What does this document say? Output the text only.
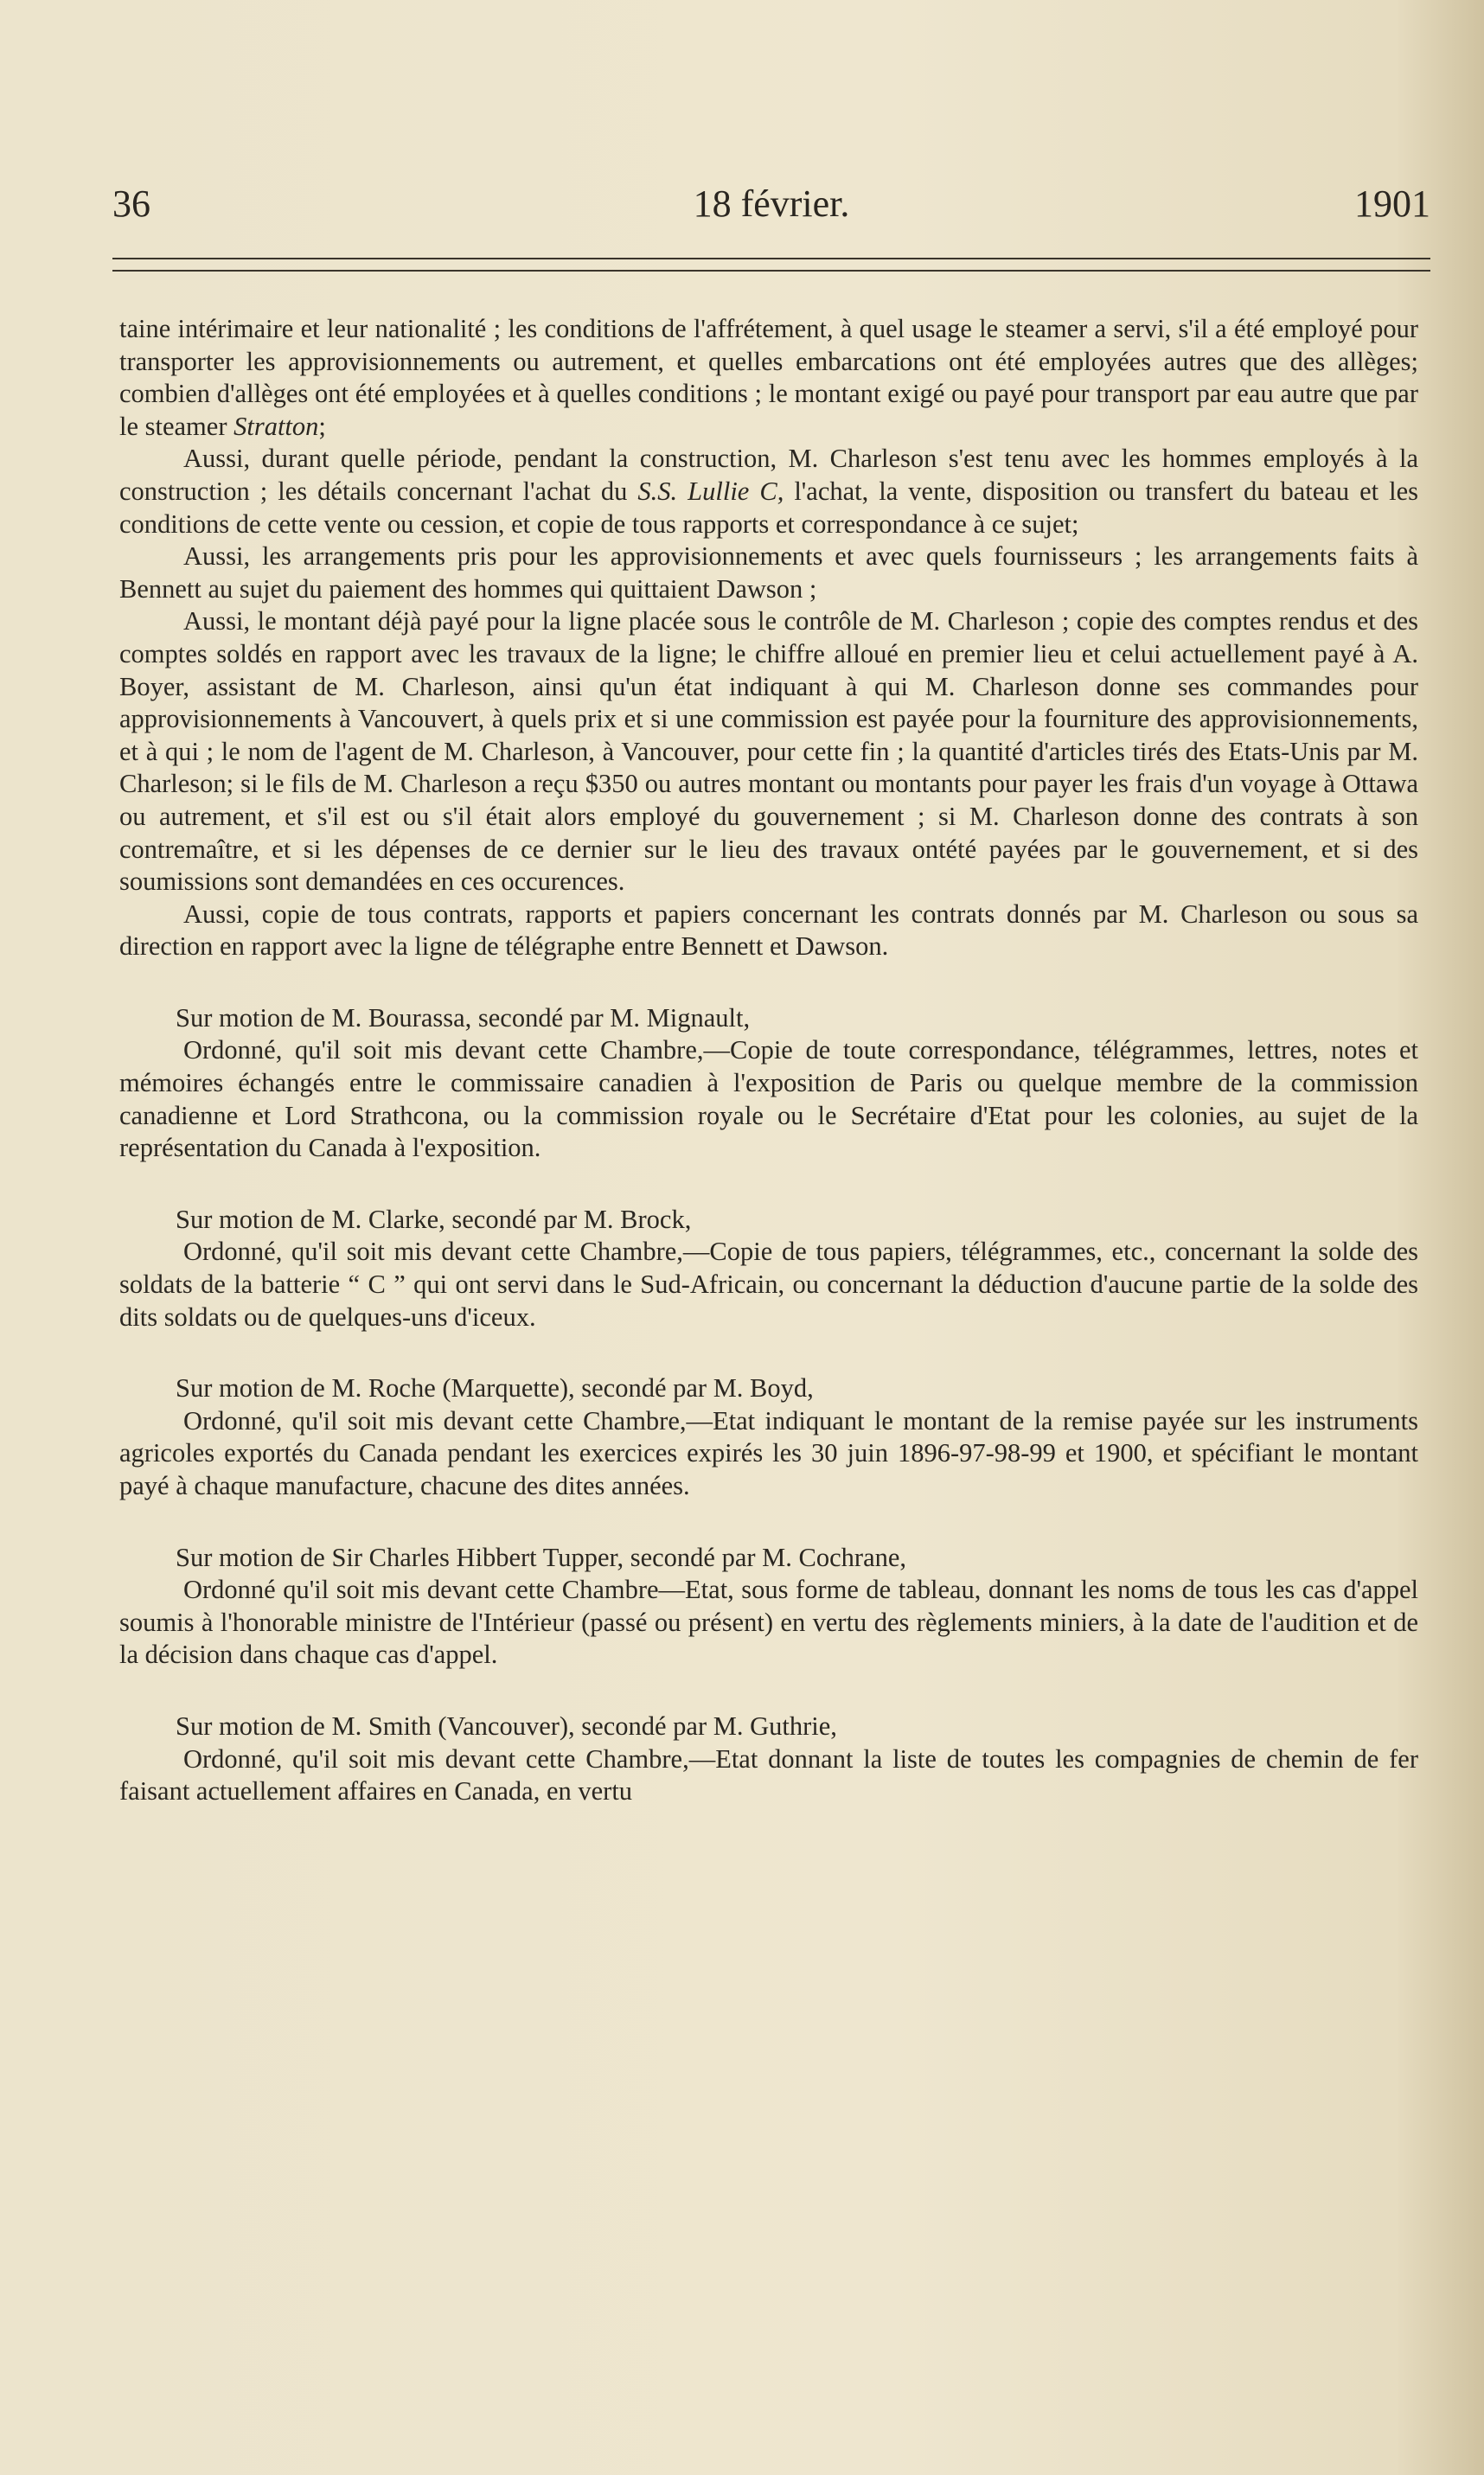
36	18 février.	1901

taine intérimaire et leur nationalité ; les conditions de l'affrétement, à quel usage le steamer a servi, s'il a été employé pour transporter les approvisionnements ou autrement, et quelles embarcations ont été employées autres que des allèges; combien d'allèges ont été employées et à quelles conditions ; le montant exigé ou payé pour transport par eau autre que par le steamer Stratton;

Aussi, durant quelle période, pendant la construction, M. Charleson s'est tenu avec les hommes employés à la construction ; les détails concernant l'achat du S.S. Lullie C, l'achat, la vente, disposition ou transfert du bateau et les conditions de cette vente ou cession, et copie de tous rapports et correspondance à ce sujet;

Aussi, les arrangements pris pour les approvisionnements et avec quels fournisseurs ; les arrangements faits à Bennett au sujet du paiement des hommes qui quittaient Dawson ;

Aussi, le montant déjà payé pour la ligne placée sous le contrôle de M. Charleson ; copie des comptes rendus et des comptes soldés en rapport avec les travaux de la ligne; le chiffre alloué en premier lieu et celui actuellement payé à A. Boyer, assistant de M. Charleson, ainsi qu'un état indiquant à qui M. Charleson donne ses commandes pour approvisionnements à Vancouvert, à quels prix et si une commission est payée pour la fourniture des approvisionnements, et à qui ; le nom de l'agent de M. Charleson, à Vancouver, pour cette fin ; la quantité d'articles tirés des Etats-Unis par M. Charleson; si le fils de M. Charleson a reçu $350 ou autres montant ou montants pour payer les frais d'un voyage à Ottawa ou autrement, et s'il est ou s'il était alors employé du gouvernement ; si M. Charleson donne des contrats à son contremaître, et si les dépenses de ce dernier sur le lieu des travaux ontété payées par le gouvernement, et si des soumissions sont demandées en ces occurences.

Aussi, copie de tous contrats, rapports et papiers concernant les contrats donnés par M. Charleson ou sous sa direction en rapport avec la ligne de télégraphe entre Bennett et Dawson.

Sur motion de M. Bourassa, secondé par M. Mignault,

Ordonné, qu'il soit mis devant cette Chambre,—Copie de toute correspondance, télégrammes, lettres, notes et mémoires échangés entre le commissaire canadien à l'exposition de Paris ou quelque membre de la commission canadienne et Lord Strathcona, ou la commission royale ou le Secrétaire d'Etat pour les colonies, au sujet de la représentation du Canada à l'exposition.

Sur motion de M. Clarke, secondé par M. Brock,

Ordonné, qu'il soit mis devant cette Chambre,—Copie de tous papiers, télégrammes, etc., concernant la solde des soldats de la batterie “ C ” qui ont servi dans le Sud-Africain, ou concernant la déduction d'aucune partie de la solde des dits soldats ou de quelques-uns d'iceux.

Sur motion de M. Roche (Marquette), secondé par M. Boyd,

Ordonné, qu'il soit mis devant cette Chambre,—Etat indiquant le montant de la remise payée sur les instruments agricoles exportés du Canada pendant les exercices expirés les 30 juin 1896-97-98-99 et 1900, et spécifiant le montant payé à chaque manufacture, chacune des dites années.

Sur motion de Sir Charles Hibbert Tupper, secondé par M. Cochrane,

Ordonné qu'il soit mis devant cette Chambre—Etat, sous forme de tableau, donnant les noms de tous les cas d'appel soumis à l'honorable ministre de l'Intérieur (passé ou présent) en vertu des règlements miniers, à la date de l'audition et de la décision dans chaque cas d'appel.

Sur motion de M. Smith (Vancouver), secondé par M. Guthrie,

Ordonné, qu'il soit mis devant cette Chambre,—Etat donnant la liste de toutes les compagnies de chemin de fer faisant actuellement affaires en Canada, en vertu
